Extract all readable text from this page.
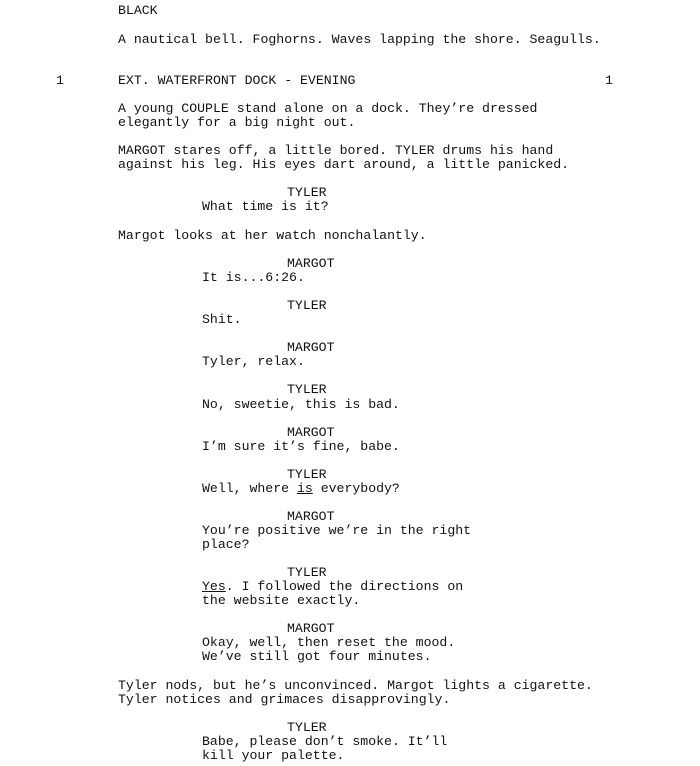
BLACK
A nautical bell. Foghorns. Waves lapping the shore. Seagulls.
1	EXT. WATERFRONT DOCK - EVENING	1
A young COUPLE stand alone on a dock. They’re dressed
elegantly for a big night out.
MARGOT stares off, a little bored. TYLER drums his hand
against his leg. His eyes dart around, a little panicked.
TYLER
What time is it?
Margot looks at her watch nonchalantly.
MARGOT
It is...6:26.
TYLER
Shit.
MARGOT
Tyler, relax.
TYLER
No, sweetie, this is bad.
MARGOT
I’m sure it’s fine, babe.
TYLER
Well, where is everybody?
MARGOT
You’re positive we’re in the right
place?
TYLER
Yes. I followed the directions on
the website exactly.
MARGOT
Okay, well, then reset the mood.
We’ve still got four minutes.
Tyler nods, but he’s unconvinced. Margot lights a cigarette.
Tyler notices and grimaces disapprovingly.
TYLER
Babe, please don’t smoke. It’ll
kill your palette.
